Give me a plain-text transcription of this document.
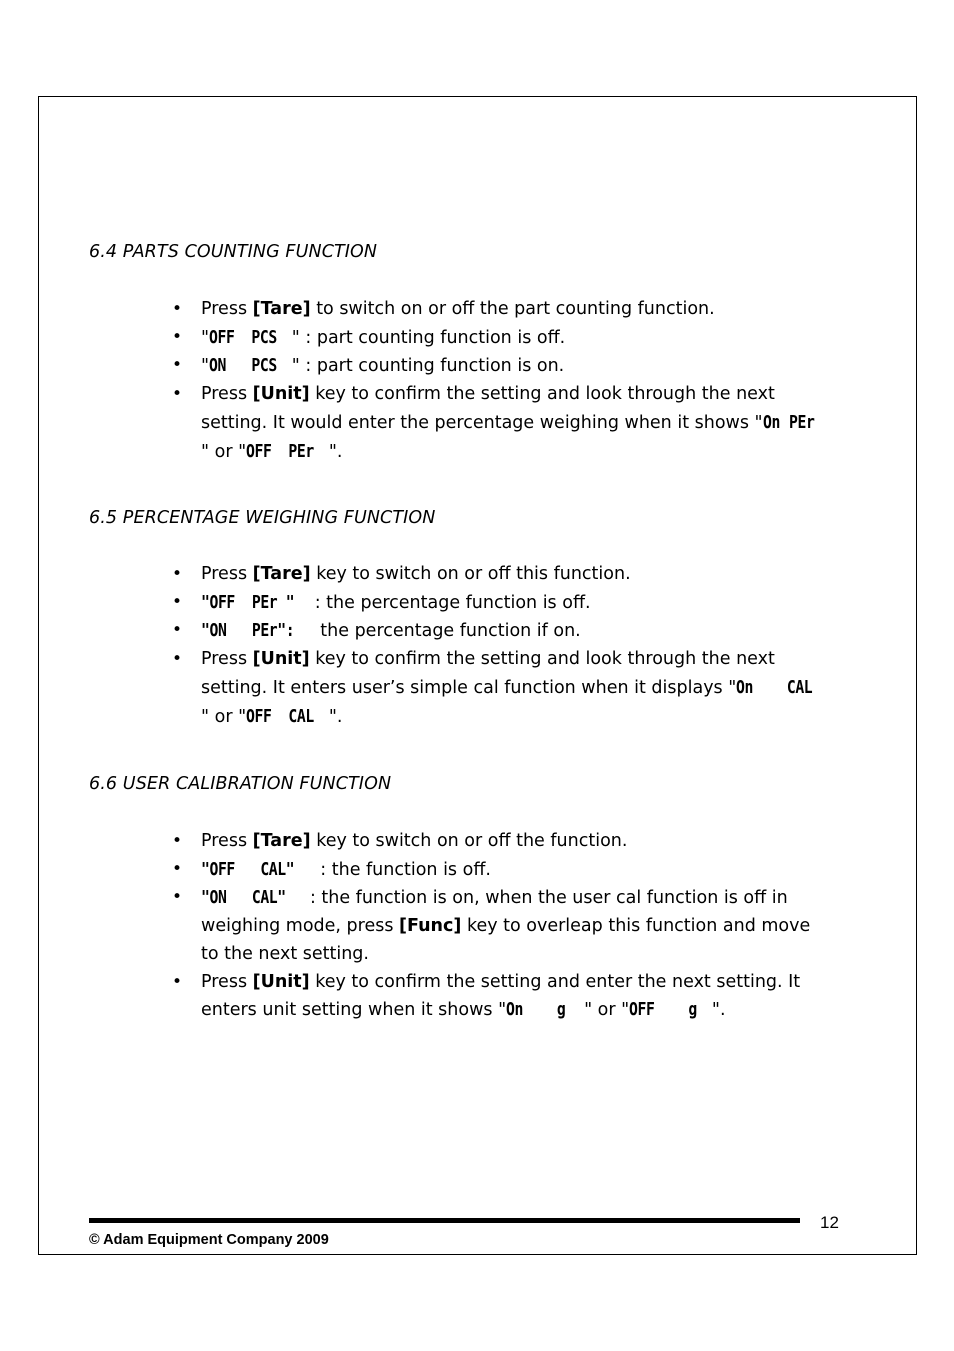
6.4 PARTS COUNTING FUNCTION
• Press [Tare] to switch on or off the part counting function.
• "OFF  PCS " : part counting function is off.
• "ON   PCS " : part counting function is on.
• Press [Unit] key to confirm the setting and look through the next setting. It would enter the percentage weighing when it shows "On PEr " or "OFF  PEr ".
6.5 PERCENTAGE WEIGHING FUNCTION
• Press [Tare] key to switch on or off this function.
• "OFF  PEr " : the percentage function is off.
• "ON   PEr": the percentage function if on.
• Press [Unit] key to confirm the setting and look through the next setting. It enters user’s simple cal function when it displays "On    CAL" or "OFF  CAL ".
6.6 USER CALIBRATION FUNCTION
• Press [Tare] key to switch on or off the function.
• "OFF   CAL" : the function is off.
• "ON   CAL" : the function is on, when the user cal function is off in weighing mode, press [Func] key to overleap this function and move to the next setting.
• Press [Unit] key to confirm the setting and enter the next setting. It enters unit setting when it shows "On    g " or "OFF    g ".
12
© Adam Equipment Company 2009
